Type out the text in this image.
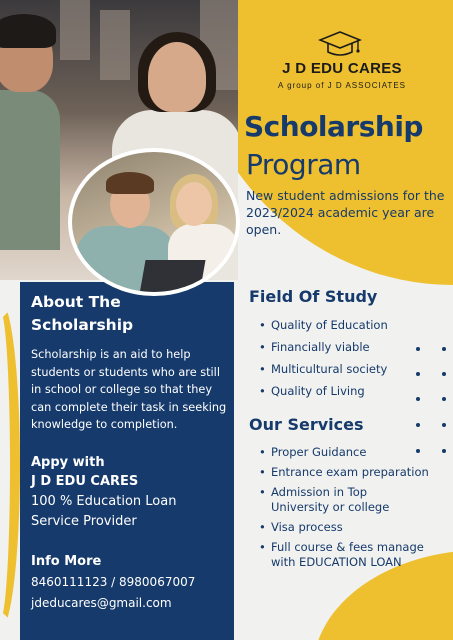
J D EDU CARES
A group of J D ASSOCIATES
Scholarship
Program
New student admissions for the 2023/2024 academic year are open.
About The
Scholarship
Scholarship is an aid to help students or students who are still in school or college so that they can complete their task in seeking knowledge to completion.
Appy with
J D EDU CARES
100 % Education Loan
Service Provider
Info More
8460111123 / 8980067007
jdeducares@gmail.com
Field Of Study
• Quality of Education
• Financially viable
• Multicultural society
• Quality of Living
Our Services
• Proper Guidance
• Entrance exam preparation
• Admission in Top University or college
• Visa process
• Full course & fees manage with EDUCATION LOAN
